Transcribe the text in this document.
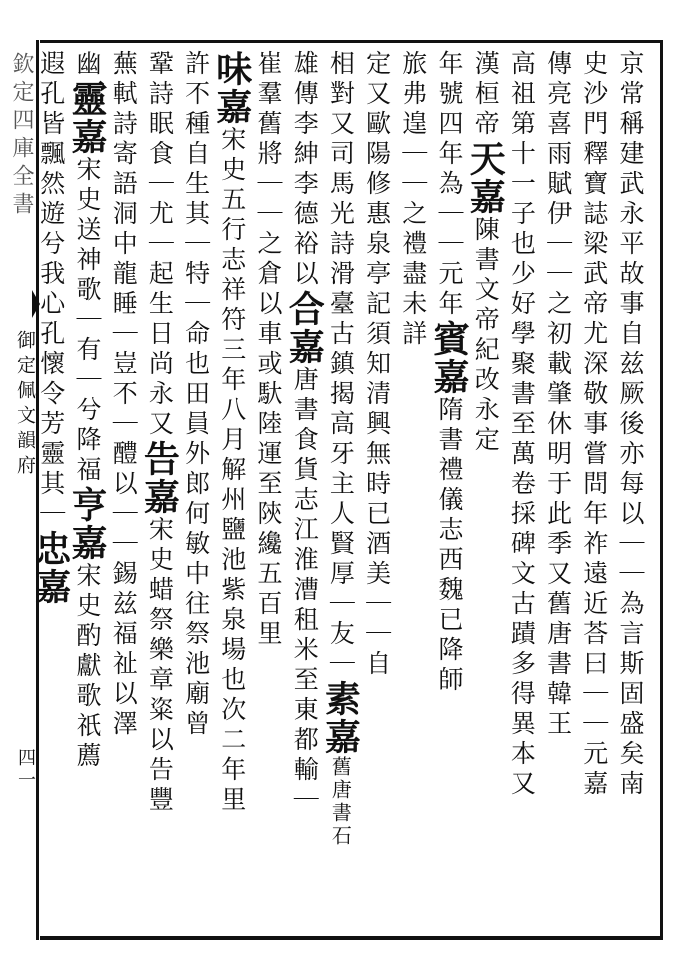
欽定四庫全書
御定佩文韻府
四一	京常稱建武永平故事自兹厥後亦每以｜｜為言斯固盛矣南
史沙門釋寶誌梁武帝尤深敬事嘗問年祚遠近荅曰｜｜元嘉
傳亮喜雨賦伊｜｜之初載肇休明于此季又舊唐書韓王
高祖第十一子也少好學聚書至萬卷採碑文古蹟多得異本又
漢桓帝天嘉陳書文帝紀改永定
年號四年為｜｜元年賓嘉隋書禮儀志西魏已降師
旅弗遑｜｜之禮盡未詳
定又歐陽修惠泉亭記須知清興無時已酒美｜｜自
相對又司馬光詩滑臺古鎮揭高牙主人賢厚｜友｜素嘉舊唐書石
雄傳李紳李德裕以合嘉唐書食貨志江淮漕租米至東都輸｜
崔羣舊將｜｜之倉以車或馱陸運至陝纔五百里
味嘉宋史五行志祥符三年八月解州鹽池紫泉場也次二年里
許不種自生其｜特｜命也田員外郎何敏中往祭池廟曾
鞏詩眠食｜尤｜起生日尚永又告嘉宋史蜡祭樂章粢以告豐
蕪軾詩寄語洞中龍睡｜豈不｜醴以｜｜錫兹福祉以澤
幽靈嘉宋史送神歌｜有｜兮降福亨嘉宋史酌獻歌祇薦
遐孔皆飄然遊兮我心孔懷令芳靈其｜忠嘉
